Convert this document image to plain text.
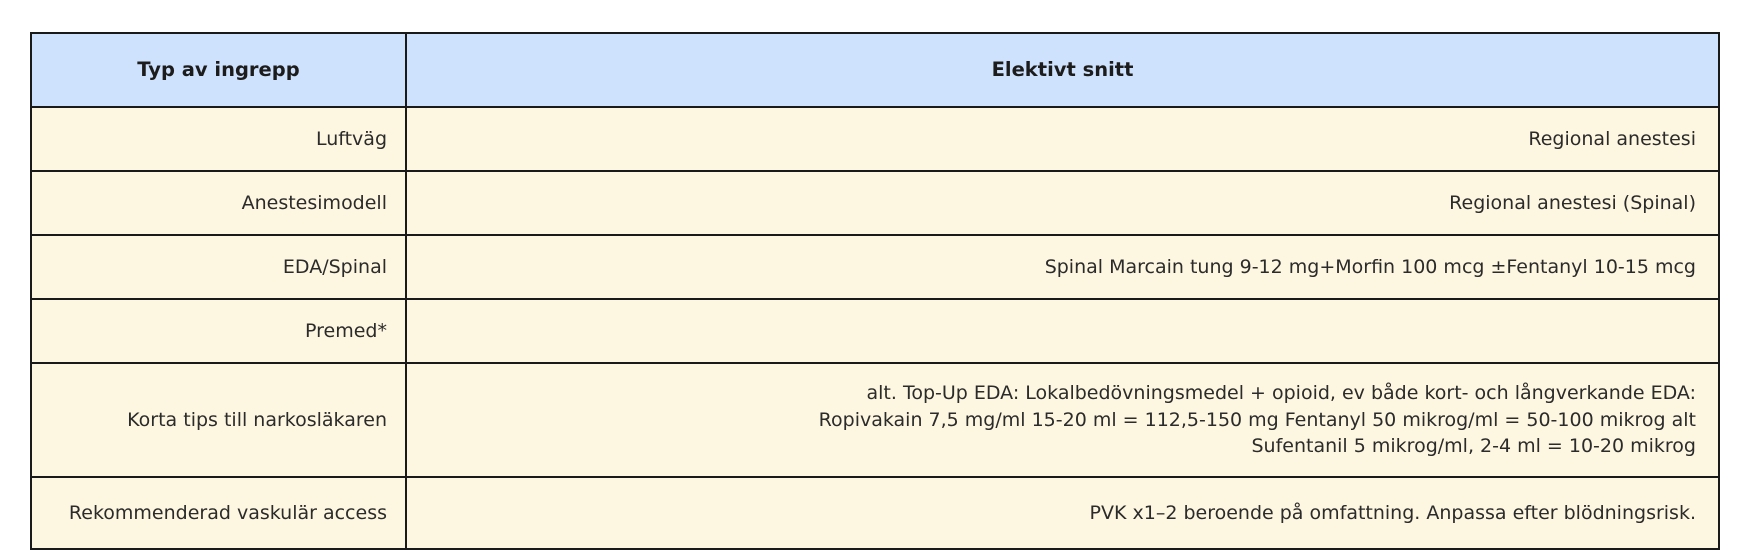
Typ av ingrepp	Elektivt snitt
Luftväg	Regional anestesi

Anestesimodell	Regional anestesi (Spinal)

EDA/Spinal	Spinal Marcain tung 9-12 mg+Morfin 100 mcg ±Fentanyl 10-15 mcg

Premed*	

Korta tips till narkosläkaren	alt. Top-Up EDA: Lokalbedövningsmedel + opioid, ev både kort- och långverkande EDA:
Ropivakain 7,5 mg/ml 15-20 ml = 112,5-150 mg Fentanyl 50 mikrog/ml = 50-100 mikrog alt
Sufentanil 5 mikrog/ml, 2-4 ml = 10-20 mikrog

Rekommenderad vaskulär access	PVK x1–2 beroende på omfattning. Anpassa efter blödningsrisk.
